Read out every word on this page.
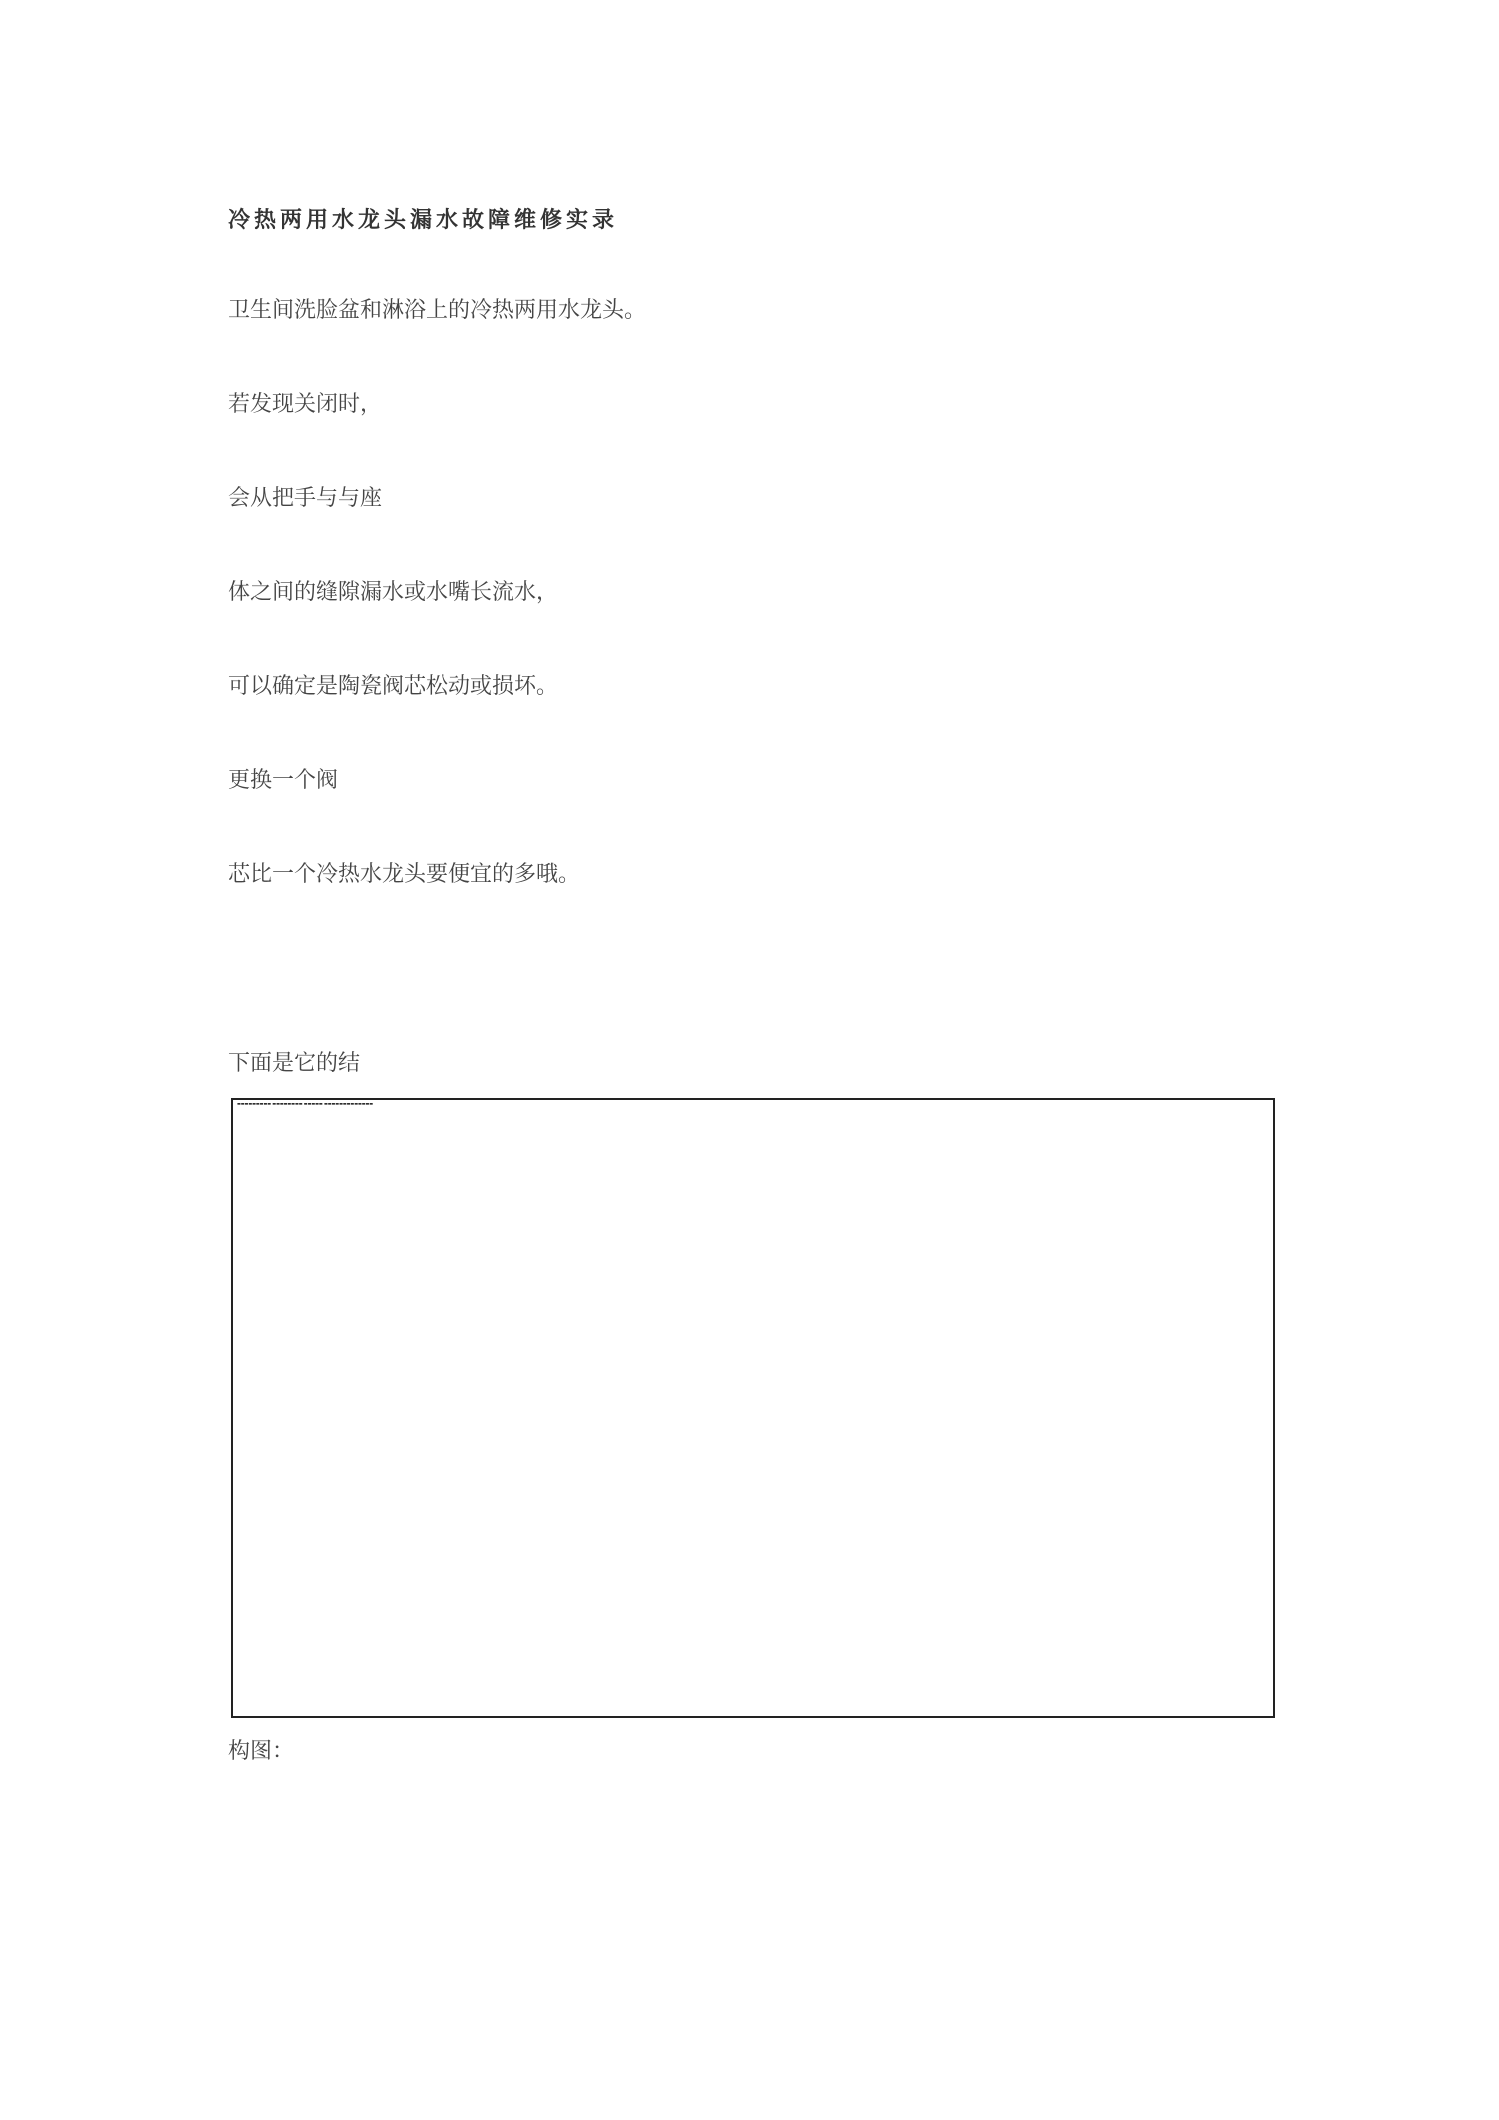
冷热两用水龙头漏水故障维修实录
卫生间洗脸盆和淋浴上的冷热两用水龙头。
若发现关闭时，
会从把手与与座
体之间的缝隙漏水或水嘴长流水，
可以确定是陶瓷阀芯松动或损坏。
更换一个阀
芯比一个冷热水龙头要便宜的多哦。
下面是它的结
▬▬▬▬▬▬▬▬▬ ▬▬▬▬▬▬▬▬ ▬▬▬▬▬ ▬▬▬▬▬▬▬▬▬▬▬▬▬
构图：
